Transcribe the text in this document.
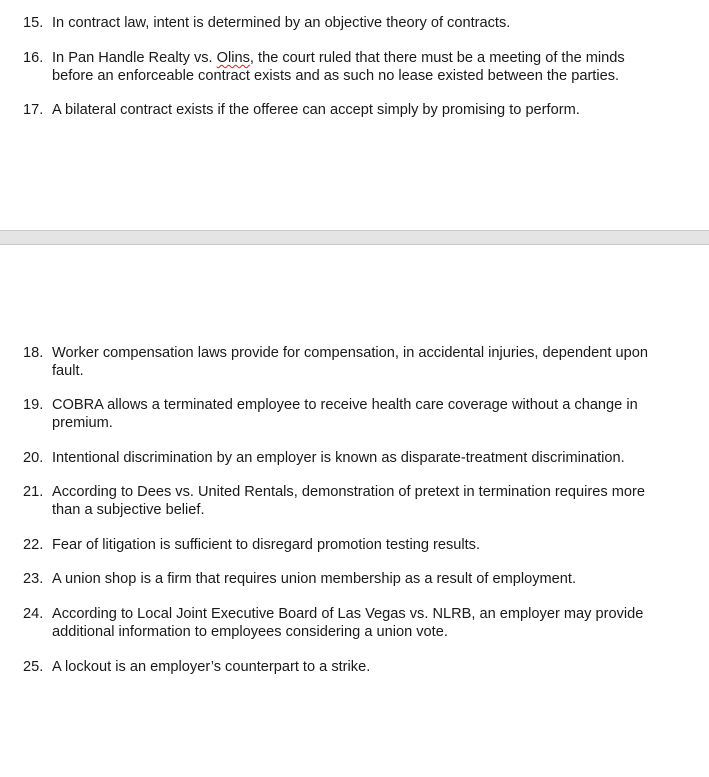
15. In contract law, intent is determined by an objective theory of contracts.
16. In Pan Handle Realty vs. Olins, the court ruled that there must be a meeting of the minds before an enforceable contract exists and as such no lease existed between the parties.
17. A bilateral contract exists if the offeree can accept simply by promising to perform.
18. Worker compensation laws provide for compensation, in accidental injuries, dependent upon fault.
19. COBRA allows a terminated employee to receive health care coverage without a change in premium.
20. Intentional discrimination by an employer is known as disparate-treatment discrimination.
21. According to Dees vs. United Rentals, demonstration of pretext in termination requires more than a subjective belief.
22. Fear of litigation is sufficient to disregard promotion testing results.
23. A union shop is a firm that requires union membership as a result of employment.
24. According to Local Joint Executive Board of Las Vegas vs. NLRB, an employer may provide additional information to employees considering a union vote.
25. A lockout is an employer’s counterpart to a strike.
